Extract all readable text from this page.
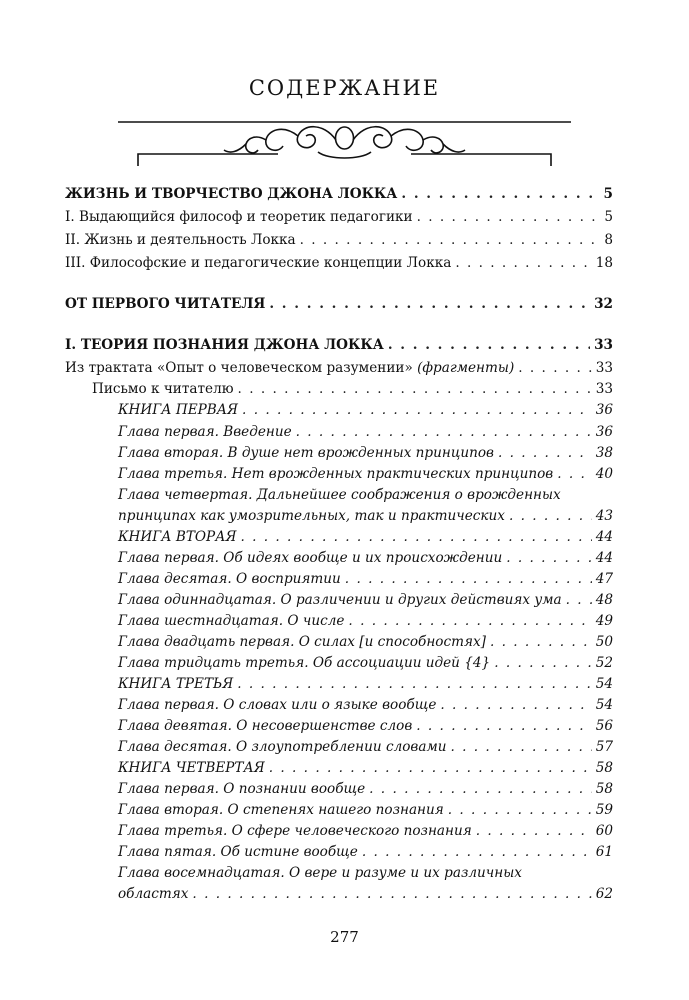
СОДЕРЖАНИЕ
ЖИЗНЬ И ТВОРЧЕСТВО ДЖОНА ЛОККА . . .	5
I. Выдающийся философ и теоретик педагогики . . .	5
II. Жизнь и деятельность Локка . . .	8
III. Философские и педагогические концепции Локка . . .	18
ОТ ПЕРВОГО ЧИТАТЕЛЯ . . .	32
I. ТЕОРИЯ ПОЗНАНИЯ ДЖОНА ЛОККА . . .	33
Из трактата «Опыт о человеческом разумении» (фрагменты) . . .	33
Письмо к читателю . . .	33
КНИГА ПЕРВАЯ . . .	36
Глава первая. Введение . . .	36
Глава вторая. В душе нет врожденных принципов . . .	38
Глава третья. Нет врожденных практических принципов . . .	40
Глава четвертая. Дальнейшее соображения о врожденных
принципах как умозрительных, так и практических . . .	43
КНИГА ВТОРАЯ . . .	44
Глава первая. Об идеях вообще и их происхождении . . .	44
Глава десятая. О восприятии . . .	47
Глава одиннадцатая. О различении и других действиях ума . . .	48
Глава шестнадцатая. О числе . . .	49
Глава двадцать первая. О силах [и способностях] . . .	50
Глава тридцать третья. Об ассоциации идей {4} . . .	52
КНИГА ТРЕТЬЯ . . .	54
Глава первая. О словах или о языке вообще . . .	54
Глава девятая. О несовершенстве слов . . .	56
Глава десятая. О злоупотреблении словами . . .	57
КНИГА ЧЕТВЕРТАЯ . . .	58
Глава первая. О познании вообще . . .	58
Глава вторая. О степенях нашего познания . . .	59
Глава третья. О сфере человеческого познания . . .	60
Глава пятая. Об истине вообще . . .	61
Глава восемнадцатая. О вере и разуме и их различных
областях . . .	62
277
